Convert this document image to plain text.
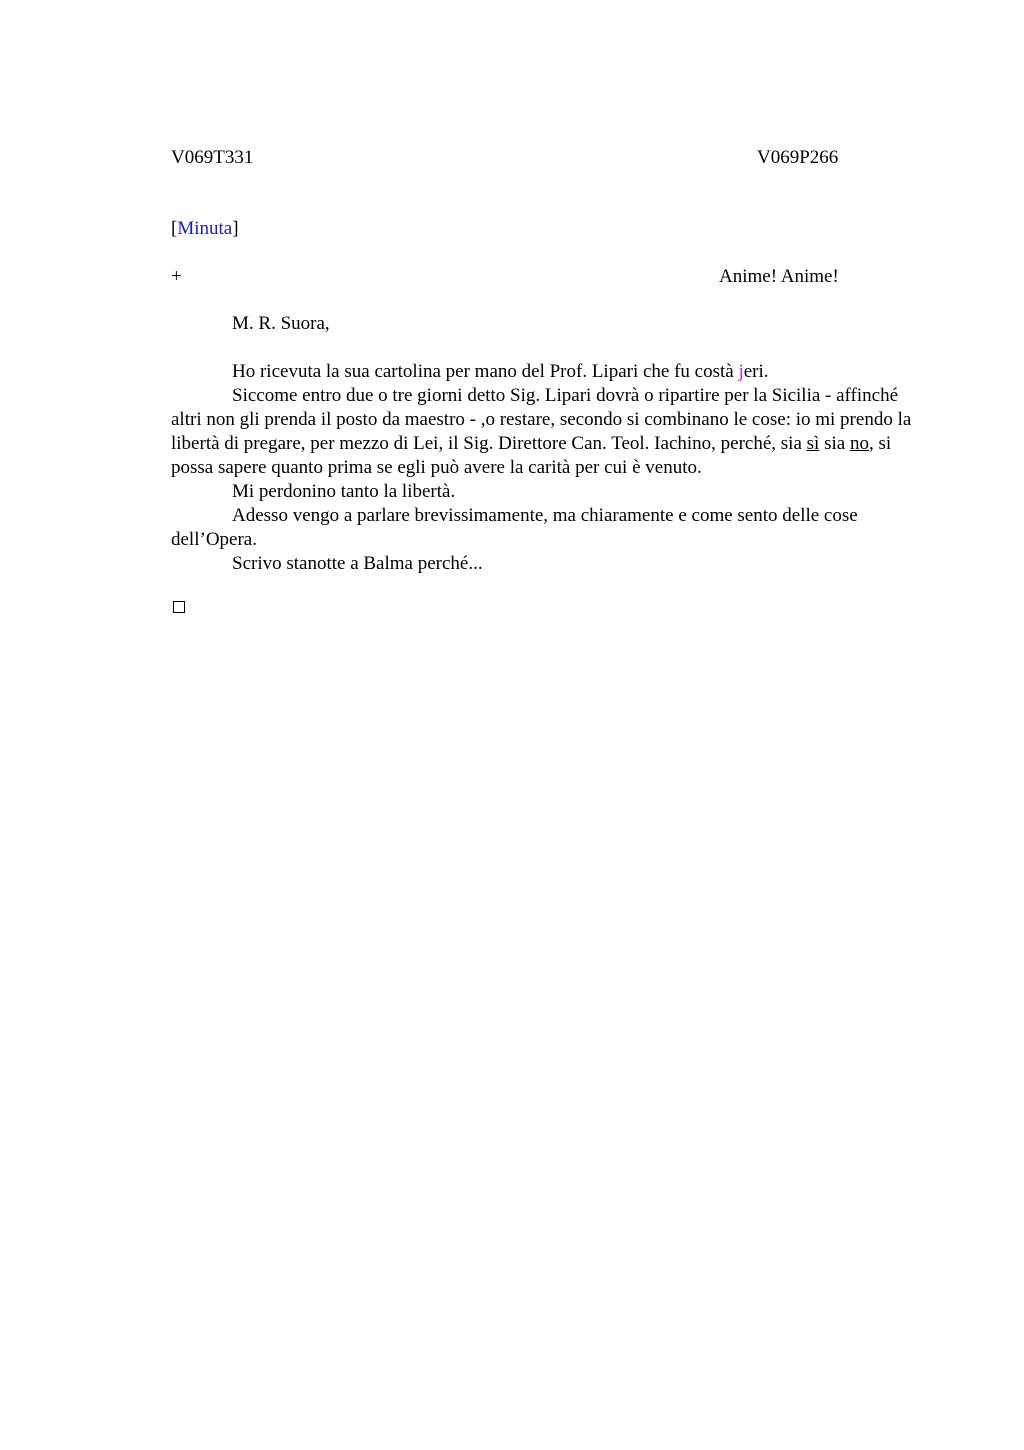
V069T331	V069P266
[Minuta]
+	Anime! Anime!
M. R. Suora,

Ho ricevuta la sua cartolina per mano del Prof. Lipari che fu costà jeri.

Siccome entro due o tre giorni detto Sig. Lipari dovrà o ripartire per la Sicilia - affinché altri non gli prenda il posto da maestro - ,o restare, secondo si combinano le cose: io mi prendo la libertà di pregare, per mezzo di Lei, il Sig. Direttore Can. Teol. Iachino, perché, sia sì sia no, si possa sapere quanto prima se egli può avere la carità per cui è venuto.

Mi perdonino tanto la libertà.

Adesso vengo a parlare brevissimamente, ma chiaramente e come sento delle cose dell’Opera.

Scrivo stanotte a Balma perché...
